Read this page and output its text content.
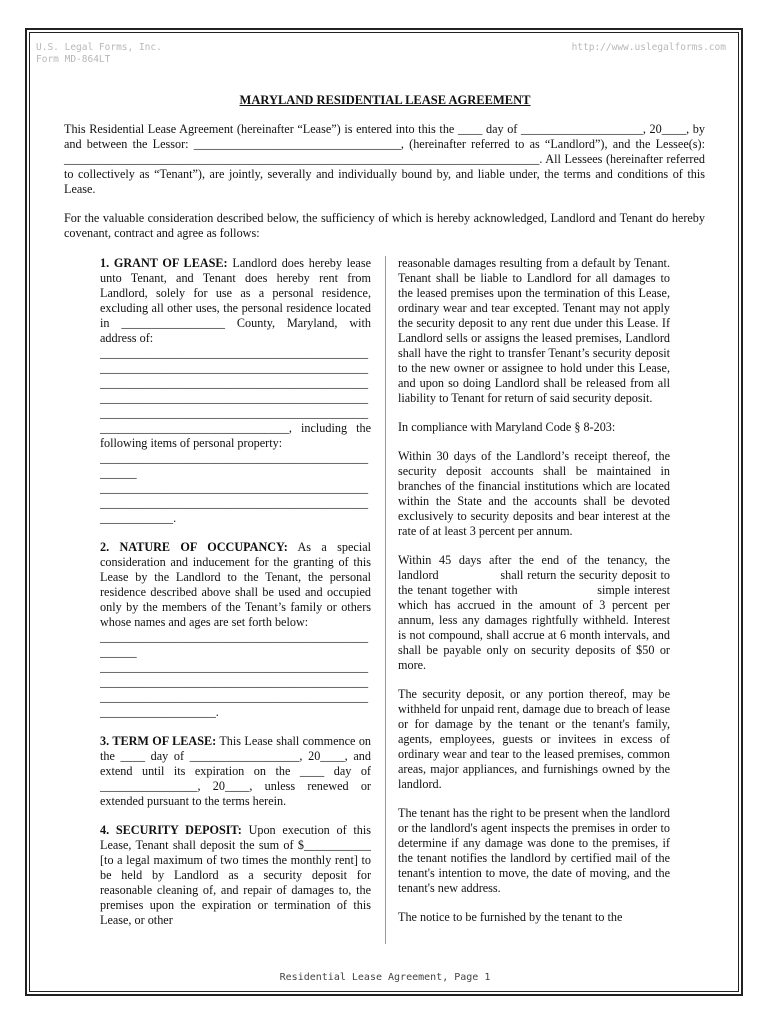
U.S. Legal Forms, Inc.
Form MD-864LT
http://www.uslegalforms.com
MARYLAND RESIDENTIAL LEASE AGREEMENT

This Residential Lease Agreement (hereinafter “Lease”) is entered into this the ____ day of ____________________, 20____, by and between the Lessor: __________________________________, (hereinafter referred to as “Landlord”), and the Lessee(s): ______________________________________________________________________________. All Lessees (hereinafter referred to collectively as “Tenant”), are jointly, severally and individually bound by, and liable under, the terms and conditions of this Lease.

For the valuable consideration described below, the sufficiency of which is hereby acknowledged, Landlord and Tenant do hereby covenant, contract and agree as follows:

1. GRANT OF LEASE: Landlord does hereby lease unto Tenant, and Tenant does hereby rent from Landlord, solely for use as a personal residence, excluding all other uses, the personal residence located in _________________ County, Maryland, with address of:
____________________________________________
____________________________________________
____________________________________________
____________________________________________
____________________________________________
_______________________________, including the following items of personal property:
____________________________________________
______
____________________________________________
____________________________________________
____________.

2. NATURE OF OCCUPANCY: As a special consideration and inducement for the granting of this Lease by the Landlord to the Tenant, the personal residence described above shall be used and occupied only by the members of the Tenant’s family or others whose names and ages are set forth below:
____________________________________________
______
____________________________________________
____________________________________________
____________________________________________
___________________.

3. TERM OF LEASE: This Lease shall commence on the ____ day of __________________, 20____, and extend until its expiration on the ____ day of ________________, 20____, unless renewed or extended pursuant to the terms herein.

4. SECURITY DEPOSIT: Upon execution of this Lease, Tenant shall deposit the sum of $___________ [to a legal maximum of two times the monthly rent] to be held by Landlord as a security deposit for reasonable cleaning of, and repair of damages to, the premises upon the expiration or termination of this Lease, or other

reasonable damages resulting from a default by Tenant. Tenant shall be liable to Landlord for all damages to the leased premises upon the termination of this Lease, ordinary wear and tear excepted. Tenant may not apply the security deposit to any rent due under this Lease. If Landlord sells or assigns the leased premises, Landlord shall have the right to transfer Tenant’s security deposit to the new owner or assignee to hold under this Lease, and upon so doing Landlord shall be released from all liability to Tenant for return of said security deposit.

In compliance with Maryland Code § 8-203:

Within 30 days of the Landlord’s receipt thereof, the security deposit accounts shall be maintained in branches of the financial institutions which are located within the State and the accounts shall be devoted exclusively to security deposits and bear interest at the rate of at least 3 percent per annum.

Within 45 days after the end of the tenancy, the landlord                shall return the security deposit to the tenant together with                  simple interest which has accrued in the amount of 3 percent per annum, less any damages rightfully withheld. Interest is not compound, shall accrue at 6 month intervals, and shall be payable only on security deposits of $50 or more.

The security deposit, or any portion thereof, may be withheld for unpaid rent, damage due to breach of lease or for damage by the tenant or the tenant's family, agents, employees, guests or invitees in excess of ordinary wear and tear to the leased premises, common areas, major appliances, and furnishings owned by the landlord.

The tenant has the right to be present when the landlord or the landlord's agent inspects the premises in order to determine if any damage was done to the premises, if the tenant notifies the landlord by certified mail of the tenant's intention to move, the date of moving, and the tenant's new address.

The notice to be furnished by the tenant to the

Residential Lease Agreement, Page 1
